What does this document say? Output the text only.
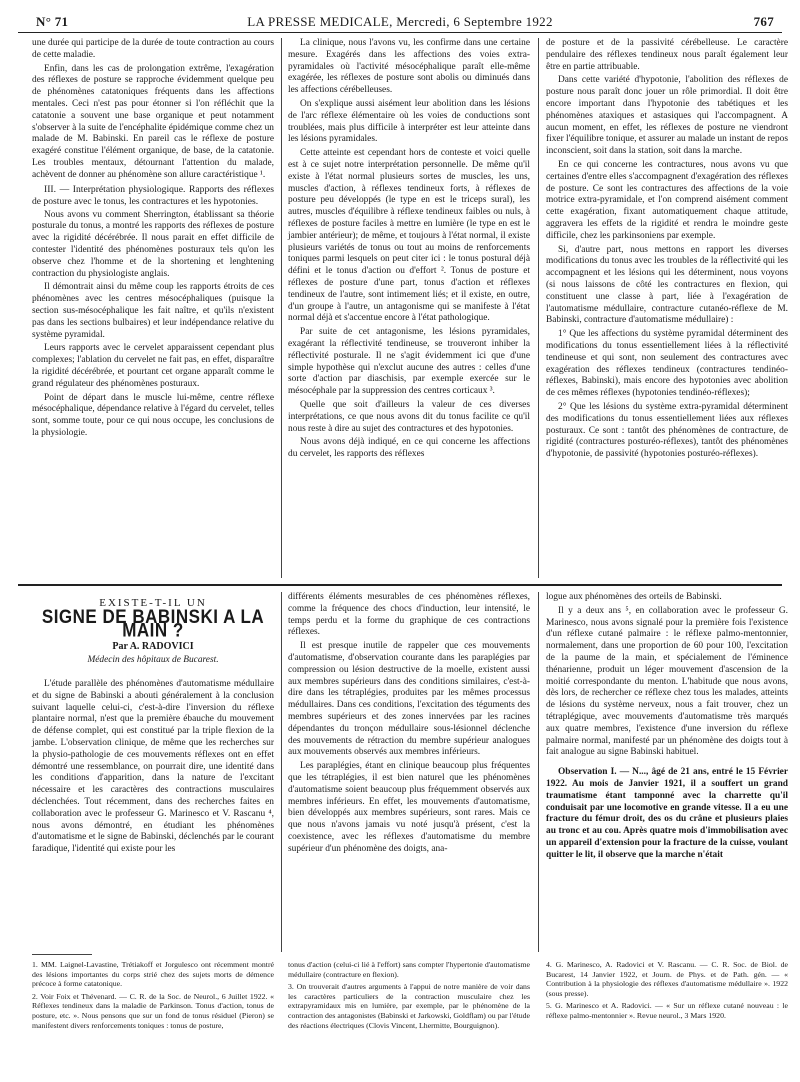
N° 71	LA PRESSE MEDICALE, Mercredi, 6 Septembre 1922	767

une durée qui participe de la durée de toute contraction au cours de cette maladie.

Enfin, dans les cas de prolongation extrême, l'exagération des réflexes de posture se rapproche évidemment quelque peu de phénomènes catatoniques fréquents dans les affections mentales. Ceci n'est pas pour étonner si l'on réfléchit que la catatonie a souvent une base organique et peut notamment s'observer à la suite de l'encéphalite épidémique comme chez un malade de M. Babinski. En pareil cas le réflexe de posture exagéré constitue l'élément organique, de base, de la catatonie. Les troubles mentaux, détournant l'attention du malade, achèvent de donner au phénomène son allure caractéristique ¹.

III. — Interprétation physiologique. Rapports des réflexes de posture avec le tonus, les contractures et les hypotonies.

Nous avons vu comment Sherrington, établissant sa théorie posturale du tonus, a montré les rapports des réflexes de posture avec la rigidité décérébrée. Il nous parait en effet difficile de contester l'identité des phénomènes posturaux tels qu'on les observe chez l'homme et de la shortening et lenghtening contraction du physiologiste anglais.

Il démontrait ainsi du même coup les rapports étroits de ces phénomènes avec les centres mésocéphaliques (puisque la section sus-mésocéphalique les fait naître, et qu'ils n'existent pas dans les sections bulbaires) et leur indépendance relative du système pyramidal.

Leurs rapports avec le cervelet apparaissent cependant plus complexes; l'ablation du cervelet ne fait pas, en effet, disparaître la rigidité décérébrée, et pourtant cet organe apparaît comme le grand régulateur des phénomènes posturaux.

Point de départ dans le muscle lui-même, centre réflexe mésocéphalique, dépendance relative à l'égard du cervelet, telles sont, somme toute, pour ce qui nous occupe, les conclusions de la physiologie.

La clinique, nous l'avons vu, les confirme dans une certaine mesure. Exagérés dans les affections des voies extra-pyramidales où l'activité mésocéphalique paraît elle-même exagérée, les réflexes de posture sont abolis ou diminués dans les affections cérébelleuses.

On s'explique aussi aisément leur abolition dans les lésions de l'arc réflexe élémentaire où les voies de conductions sont troublées, mais plus difficile à interpréter est leur atteinte dans les lésions pyramidales.

Cette atteinte est cependant hors de conteste et voici quelle est à ce sujet notre interprétation personnelle. De même qu'il existe à l'état normal plusieurs sortes de muscles, les uns, muscles d'action, à réflexes tendineux forts, à réflexes de posture peu développés (le type en est le triceps sural), les autres, muscles d'équilibre à réflexe tendineux faibles ou nuls, à réflexes de posture faciles à mettre en lumière (le type en est le jambier antérieur); de même, et toujours à l'état normal, il existe plusieurs variétés de tonus ou tout au moins de renforcements toniques parmi lesquels on peut citer ici : le tonus postural déjà défini et le tonus d'action ou d'effort ². Tonus de posture et réflexes de posture d'une part, tonus d'action et réflexes tendineux de l'autre, sont intimement liés; et il existe, en outre, d'un groupe à l'autre, un antagonisme qui se manifeste à l'état normal déjà et s'accentue encore à l'état pathologique.

Par suite de cet antagonisme, les lésions pyramidales, exagérant la réflectivité tendineuse, se trouveront inhiber la réflectivité posturale. Il ne s'agit évidemment ici que d'une simple hypothèse qui n'exclut aucune des autres : celles d'une sorte d'action par diaschisis, par exemple exercée sur le mésocéphale par la suppression des centres corticaux ³.

Quelle que soit d'ailleurs la valeur de ces diverses interprétations, ce que nous avons dit du tonus facilite ce qu'il nous reste à dire au sujet des contractures et des hypotonies.

Nous avons déjà indiqué, en ce qui concerne les affections du cervelet, les rapports des réflexes

de posture et de la passivité cérébelleuse. Le caractère pendulaire des réflexes tendineux nous paraît également leur être en partie attribuable.

Dans cette variété d'hypotonie, l'abolition des réflexes de posture nous paraît donc jouer un rôle primordial. Il doit être encore important dans l'hypotonie des tabétiques et les phénomènes ataxiques et astasiques qui l'accompagnent. A aucun moment, en effet, les réflexes de posture ne viendront fixer l'équilibre tonique, et assurer au malade un instant de repos inconscient, soit dans la station, soit dans la marche.

En ce qui concerne les contractures, nous avons vu que certaines d'entre elles s'accompagnent d'exagération des réflexes de posture. Ce sont les contractures des affections de la voie motrice extra-pyramidale, et l'on comprend aisément comment cette exagération, fixant automatiquement chaque attitude, aggravera les effets de la rigidité et rendra le moindre geste difficile, chez les parkinsoniens par exemple.

Si, d'autre part, nous mettons en rapport les diverses modifications du tonus avec les troubles de la réflectivité qui les accompagnent et les lésions qui les déterminent, nous voyons (si nous laissons de côté les contractures en flexion, qui constituent une classe à part, liée à l'exagération de l'automatisme médullaire, contracture cutanéo-réflexe de M. Babinski, contracture d'automatisme médullaire) :

1° Que les affections du système pyramidal déterminent des modifications du tonus essentiellement liées à la réflectivité tendineuse et qui sont, non seulement des contractures avec exagération des réflexes tendineux (contractures tendinéo-réflexes, Babinski), mais encore des hypotonies avec abolition de ces mêmes réflexes (hypotonies tendinéo-réflexes);

2° Que les lésions du système extra-pyramidal déterminent des modifications du tonus essentiellement liées aux réflexes posturaux. Ce sont : tantôt des phénomènes de contracture, de rigidité (contractures posturéo-réflexes), tantôt des phénomènes d'hypotonie, de passivité (hypotonies posturéo-réflexes).

EXISTE-T-IL UN
SIGNE DE BABINSKI A LA MAIN ?
Par A. RADOVICI
Médecin des hôpitaux de Bucarest.

L'étude parallèle des phénomènes d'automatisme médullaire et du signe de Babinski a abouti généralement à la conclusion suivant laquelle celui-ci, c'est-à-dire l'inversion du réflexe plantaire normal, n'est que la première ébauche du mouvement de défense complet, qui est constitué par la triple flexion de la jambe. L'observation clinique, de même que les recherches sur la physio-pathologie de ces mouvements réflexes ont en effet démontré une ressemblance, on pourrait dire, une identité dans les conditions d'apparition, dans la nature de l'excitant nécessaire et les caractères des contractions musculaires déclenchées. Tout récemment, dans des recherches faites en collaboration avec le professeur G. Marinesco et V. Rascanu ⁴, nous avons démontré, en étudiant les phénomènes d'automatisme et le signe de Babinski, déclenchés par le courant faradique, l'identité qui existe pour les

différents éléments mesurables de ces phénomènes réflexes, comme la fréquence des chocs d'induction, leur intensité, le temps perdu et la forme du graphique de ces contractions réflexes.

Il est presque inutile de rappeler que ces mouvements d'automatisme, d'observation courante dans les paraplégies par compression ou lésion destructive de la moelle, existent aussi aux membres supérieurs dans des conditions similaires, c'est-à-dire dans les tétraplégies, produites par les mêmes processus médullaires. Dans ces conditions, l'excitation des téguments des membres supérieurs et des zones innervées par les racines dépendantes du tronçon médullaire sous-lésionnel déclenche des mouvements de rétraction du membre supérieur analogues aux mouvements observés aux membres inférieurs.

Les paraplégies, étant en clinique beaucoup plus fréquentes que les tétraplégies, il est bien naturel que les phénomènes d'automatisme soient beaucoup plus fréquemment observés aux membres inférieurs. En effet, les mouvements d'automatisme, bien développés aux membres supérieurs, sont rares. Mais ce que nous n'avons jamais vu noté jusqu'à présent, c'est la coexistence, avec les réflexes d'automatisme du membre supérieur d'un phénomène des doigts, ana-

logue aux phénomènes des orteils de Babinski.

Il y a deux ans ⁵, en collaboration avec le professeur G. Marinesco, nous avons signalé pour la première fois l'existence d'un réflexe cutané palmaire : le réflexe palmo-mentonnier, normalement, dans une proportion de 60 pour 100, l'excitation de la paume de la main, et spécialement de l'éminence thénarienne, produit un léger mouvement d'ascension de la moitié correspondante du menton. L'habitude que nous avons, dès lors, de rechercher ce réflexe chez tous les malades, atteints de lésions du système nerveux, nous a fait trouver, chez un tétraplégique, avec mouvements d'automatisme très marqués aux quatre membres, l'existence d'une inversion du réflexe palmaire normal, manifesté par un phénomène des doigts tout à fait analogue au signe Babinski habituel.

Observation I. — N..., âgé de 21 ans, entré le 15 Février 1922. Au mois de Janvier 1921, il a souffert un grand traumatisme étant tamponné avec la charrette qu'il conduisait par une locomotive en grande vitesse. Il a eu une fracture du fémur droit, des os du crâne et plusieurs plaies au tronc et au cou. Après quatre mois d'immobilisation avec un appareil d'extension pour la fracture de la cuisse, voulant quitter le lit, il observe que la marche n'était

1. MM. Laignel-Lavastine, Trétiakoff et Jorgulesco ont récemment montré des lésions importantes du corps strié chez des sujets morts de démence précoce à forme catatonique.

2. Voir Foix et Thévenard. — C. R. de la Soc. de Neurol., 6 Juillet 1922. « Réflexes tendineux dans la maladie de Parkinson. Tonus d'action, tonus de posture, etc. ». Nous pensons que sur un fond de tonus résiduel (Pieron) se manifestent divers renforcements toniques : tonus de posture,

tonus d'action (celui-ci lié à l'effort) sans compter l'hypertonie d'automatisme médullaire (contracture en flexion).

3. On trouverait d'autres arguments à l'appui de notre manière de voir dans les caractères particuliers de la contraction musculaire chez les extrapyramidaux mis en lumière, par exemple, par le phénomène de la contraction des antagonistes (Babinski et Jarkowski, Goldflam) ou par l'étude des réactions électriques (Clovis Vincent, Lhermitte, Bourguignon).

4. G. Marinesco, A. Radovici et V. Rascanu. — C. R. Soc. de Biol. de Bucarest, 14 Janvier 1922, et Journ. de Phys. et de Path. gén. — « Contribution à la physiologie des réflexes d'automatisme médullaire ». 1922 (sous presse).

5. G. Marinesco et A. Radovici. — « Sur un réflexe cutané nouveau : le réflexe palmo-mentonnier ». Revue neurol., 3 Mars 1920.
